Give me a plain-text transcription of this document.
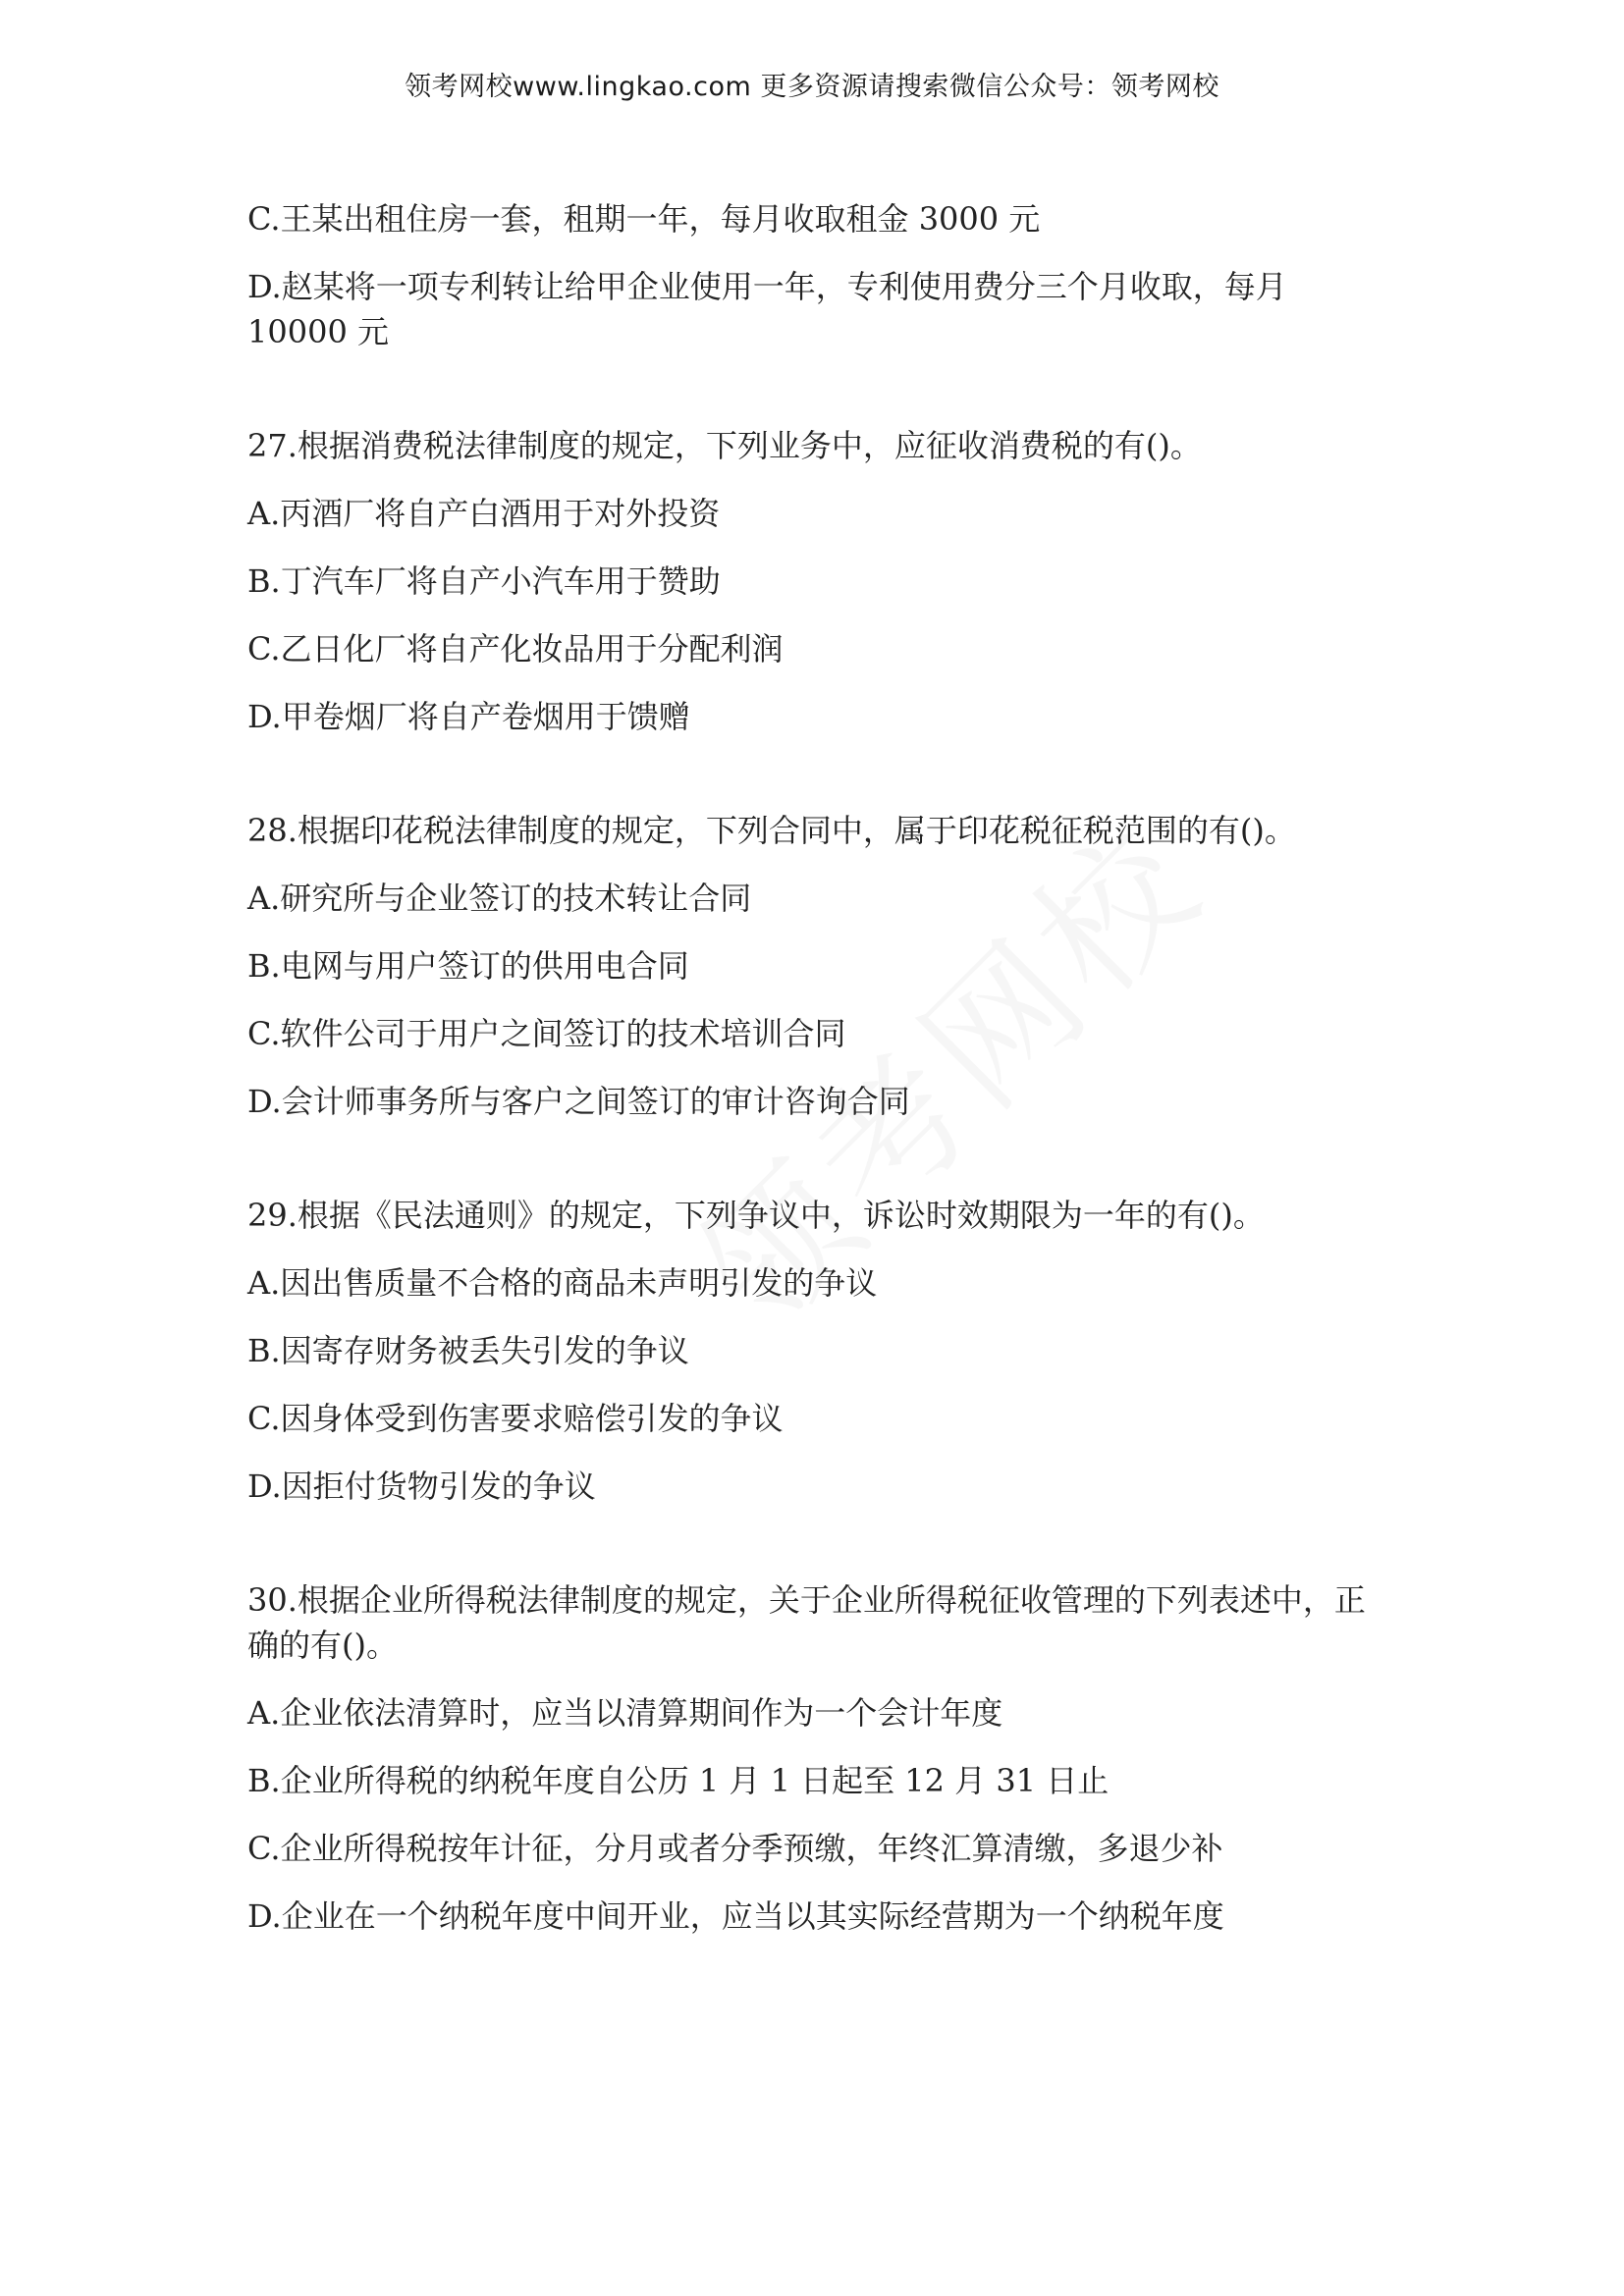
领考网校www.lingkao.com 更多资源请搜索微信公众号：领考网校
C.王某出租住房一套，租期一年，每月收取租金 3000 元
D.赵某将一项专利转让给甲企业使用一年，专利使用费分三个月收取，每月 10000 元
27.根据消费税法律制度的规定，下列业务中，应征收消费税的有()。
A.丙酒厂将自产白酒用于对外投资
B.丁汽车厂将自产小汽车用于赞助
C.乙日化厂将自产化妆品用于分配利润
D.甲卷烟厂将自产卷烟用于馈赠
28.根据印花税法律制度的规定，下列合同中，属于印花税征税范围的有()。
A.研究所与企业签订的技术转让合同
B.电网与用户签订的供用电合同
C.软件公司于用户之间签订的技术培训合同
D.会计师事务所与客户之间签订的审计咨询合同
29.根据《民法通则》的规定，下列争议中，诉讼时效期限为一年的有()。
A.因出售质量不合格的商品未声明引发的争议
B.因寄存财务被丢失引发的争议
C.因身体受到伤害要求赔偿引发的争议
D.因拒付货物引发的争议
30.根据企业所得税法律制度的规定，关于企业所得税征收管理的下列表述中，正确的有()。
A.企业依法清算时，应当以清算期间作为一个会计年度
B.企业所得税的纳税年度自公历 1 月 1 日起至 12 月 31 日止
C.企业所得税按年计征，分月或者分季预缴，年终汇算清缴，多退少补
D.企业在一个纳税年度中间开业，应当以其实际经营期为一个纳税年度
